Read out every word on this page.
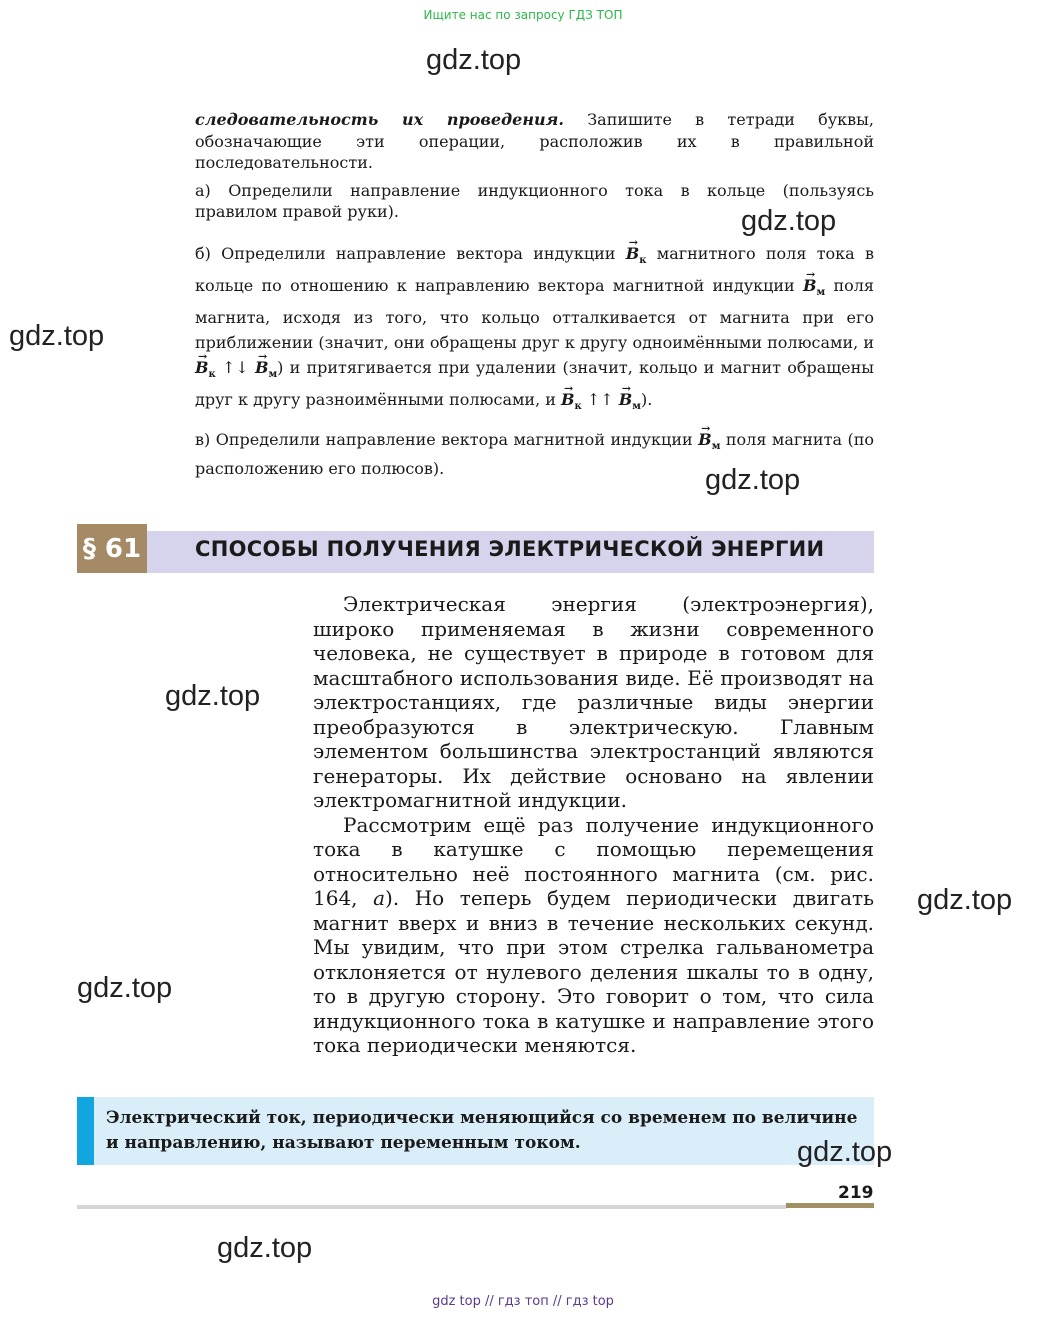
Ищите нас по запросу ГДЗ ТОП
gdz.top

следовательность их проведения. Запишите в тетради буквы, обозначающие эти операции, расположив их в правильной последовательности.

а) Определили направление индукционного тока в кольце (пользуясь правилом правой руки).

б) Определили направление вектора индукции → $B_к$ магнитного поля тока в кольце по отношению к направлению вектора магнитной индукции → $B_м$ поля магнита, исходя из того, что кольцо отталкивается от магнита при его приближении (значит, они обращены друг к другу одноимёнными полюсами, $и \to B_к$ ↑↓ → $B_м$) и притягивается при удалении (значит, кольцо и магнит обращены друг к другу разноимёнными полюсами, $и \to B_к$ ↑↑ → $B_м$).

в) Определили направление вектора магнитной индукции → $B_м$ поля магнита (по расположению его полюсов).

gdz.top
gdz.top
gdz.top
§ 61	СПОСОБЫ ПОЛУЧЕНИЯ ЭЛЕКТРИЧЕСКОЙ ЭНЕРГИИ

Электрическая энергия (электроэнергия), широко применяемая в жизни современного человека, не существует в природе в готовом для масштабного использования виде. Её производят на электростанциях, где различные виды энергии преобразуются в электрическую. Главным элементом большинства электростанций являются генераторы. Их действие основано на явлении электромагнитной индукции.

Рассмотрим ещё раз получение индукционного тока в катушке с помощью перемещения относительно неё постоянного магнита (см. рис. 164, а). Но теперь будем периодически двигать магнит вверх и вниз в течение нескольких секунд. Мы увидим, что при этом стрелка гальванометра отклоняется от нулевого деления шкалы то в одну, то в другую сторону. Это говорит о том, что сила индукционного тока в катушке и направление этого тока периодически меняются.

gdz.top
gdz.top
gdz.top
Электрический ток, периодически меняющийся со временем по величине и направлению, называют переменным током.	gdz.top
219
gdz.top
gdz top // гдз топ // гдз top
